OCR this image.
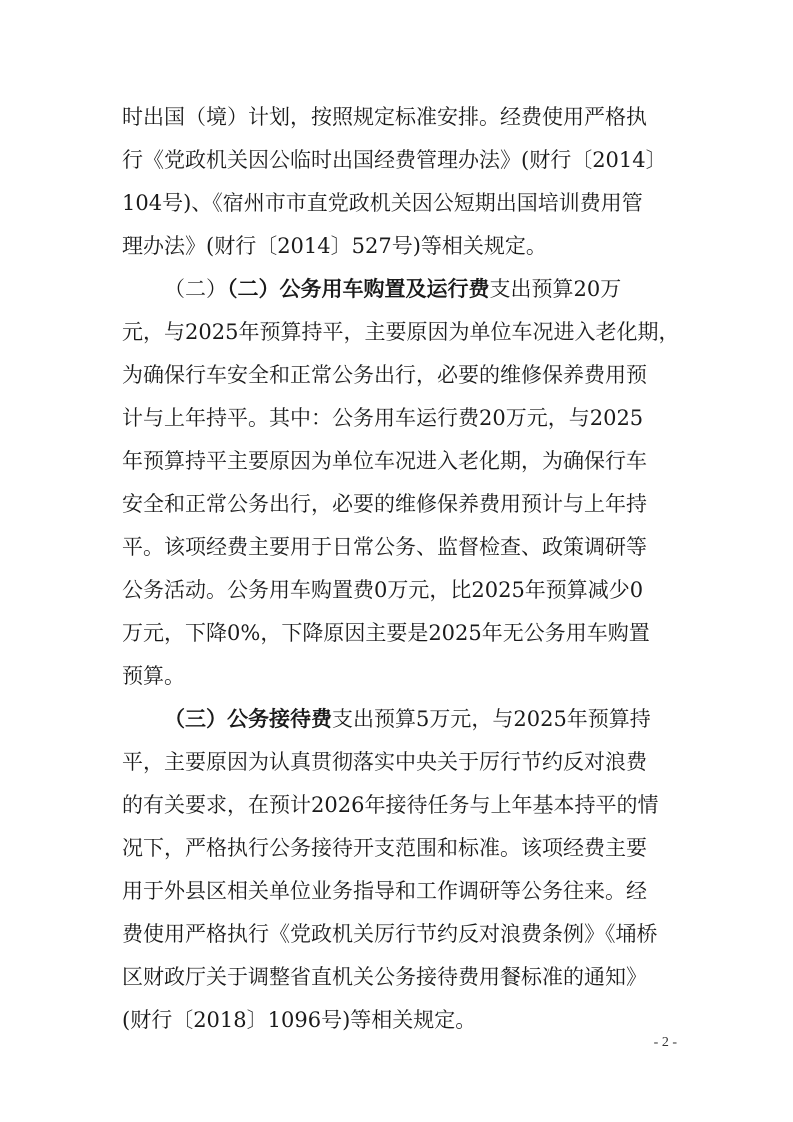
时出国（境）计划，按照规定标准安排。经费使用严格执
行《党政机关因公临时出国经费管理办法》(财行〔2014〕
104号)、《宿州市市直党政机关因公短期出国培训费用管
理办法》(财行〔2014〕527号)等相关规定。
（二）（二）公务用车购置及运行费支出预算20万
元，与2025年预算持平，主要原因为单位车况进入老化期，
为确保行车安全和正常公务出行，必要的维修保养费用预
计与上年持平。其中：公务用车运行费20万元，与2025
年预算持平主要原因为单位车况进入老化期，为确保行车
安全和正常公务出行，必要的维修保养费用预计与上年持
平。该项经费主要用于日常公务、监督检查、政策调研等
公务活动。公务用车购置费0万元，比2025年预算减少0
万元，下降0%，下降原因主要是2025年无公务用车购置
预算。
（三）公务接待费支出预算5万元，与2025年预算持
平，主要原因为认真贯彻落实中央关于厉行节约反对浪费
的有关要求，在预计2026年接待任务与上年基本持平的情
况下，严格执行公务接待开支范围和标准。该项经费主要
用于外县区相关单位业务指导和工作调研等公务往来。经
费使用严格执行《党政机关厉行节约反对浪费条例》《埇桥
区财政厅关于调整省直机关公务接待费用餐标准的通知》
(财行〔2018〕1096号)等相关规定。
- 2 -
